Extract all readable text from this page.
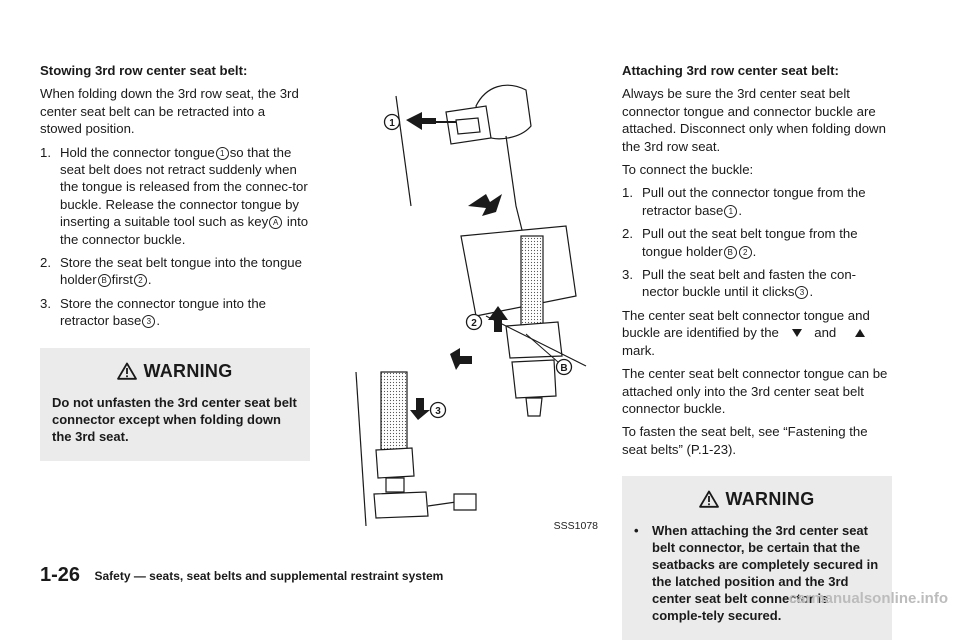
Stowing 3rd row center seat belt:

When folding down the 3rd row seat, the 3rd center seat belt can be retracted into a stowed position.

1. Hold the connector tongue 1 so that the seat belt does not retract suddenly when the tongue is released from the connec-tor buckle. Release the connector tongue by inserting a suitable tool such as key A into the connector buckle.
2. Store the seat belt tongue into the tongue holder B first 2 .
3. Store the connector tongue into the retractor base 3 .
WARNING
Do not unfasten the 3rd center seat belt connector except when folding down the 3rd seat.
1
2
B
3
SSS1078

Attaching 3rd row center seat belt:

Always be sure the 3rd center seat belt connector tongue and connector buckle are attached. Disconnect only when folding down the 3rd row seat.

To connect the buckle:

1. Pull out the connector tongue from the retractor base 1 .
2. Pull out the seat belt tongue from the tongue holder B 2 .
3. Pull the seat belt and fasten the con-nector buckle until it clicks 3 .

The center seat belt connector tongue and buckle are identified by the	and
mark.

The center seat belt connector tongue can be attached only into the 3rd center seat belt connector buckle.

To fasten the seat belt, see “Fastening the seat belts” (P.1-23).

WARNING
•	When attaching the 3rd center seat belt connector, be certain that the seatbacks are completely secured in the latched position and the 3rd center seat belt connector is comple-tely secured.
1-26 Safety — seats, seat belts and supplemental restraint system
carmanualsonline.info
